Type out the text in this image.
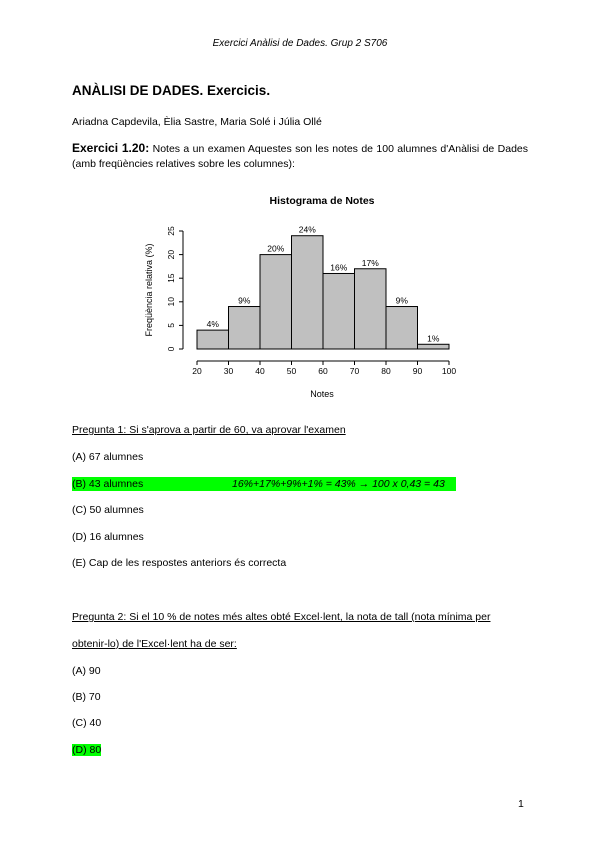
Exercici Anàlisi de Dades. Grup 2 S706
ANÀLISI DE DADES. Exercicis.
Ariadna Capdevila, Èlia Sastre, Maria Solé i Júlia Ollé
Exercici 1.20: Notes a un examen Aquestes son les notes de 100 alumnes d'Anàlisi de Dades (amb freqüències relatives sobre les columnes):
Histograma de Notes
4%
9%
20%
24%
16% 17%
9%
1%
0
5
10
15
20
25
20	30	40	50	60	70	80	90 100
Freqüència relativa (%)
Notes
Pregunta 1: Si s'aprova a partir de 60, va aprovar l'examen
(A) 67 alumnes
(B) 43 alumnes	16%+17%+9%+1% = 43% → 100 x 0,43 = 43
(C) 50 alumnes
(D) 16 alumnes
(E) Cap de les respostes anteriors és correcta
Pregunta 2: Si el 10 % de notes més altes obté Excel·lent, la nota de tall (nota mínima per
obtenir-lo) de l'Excel·lent ha de ser:
(A) 90
(B) 70
(C) 40
(D) 80
1
